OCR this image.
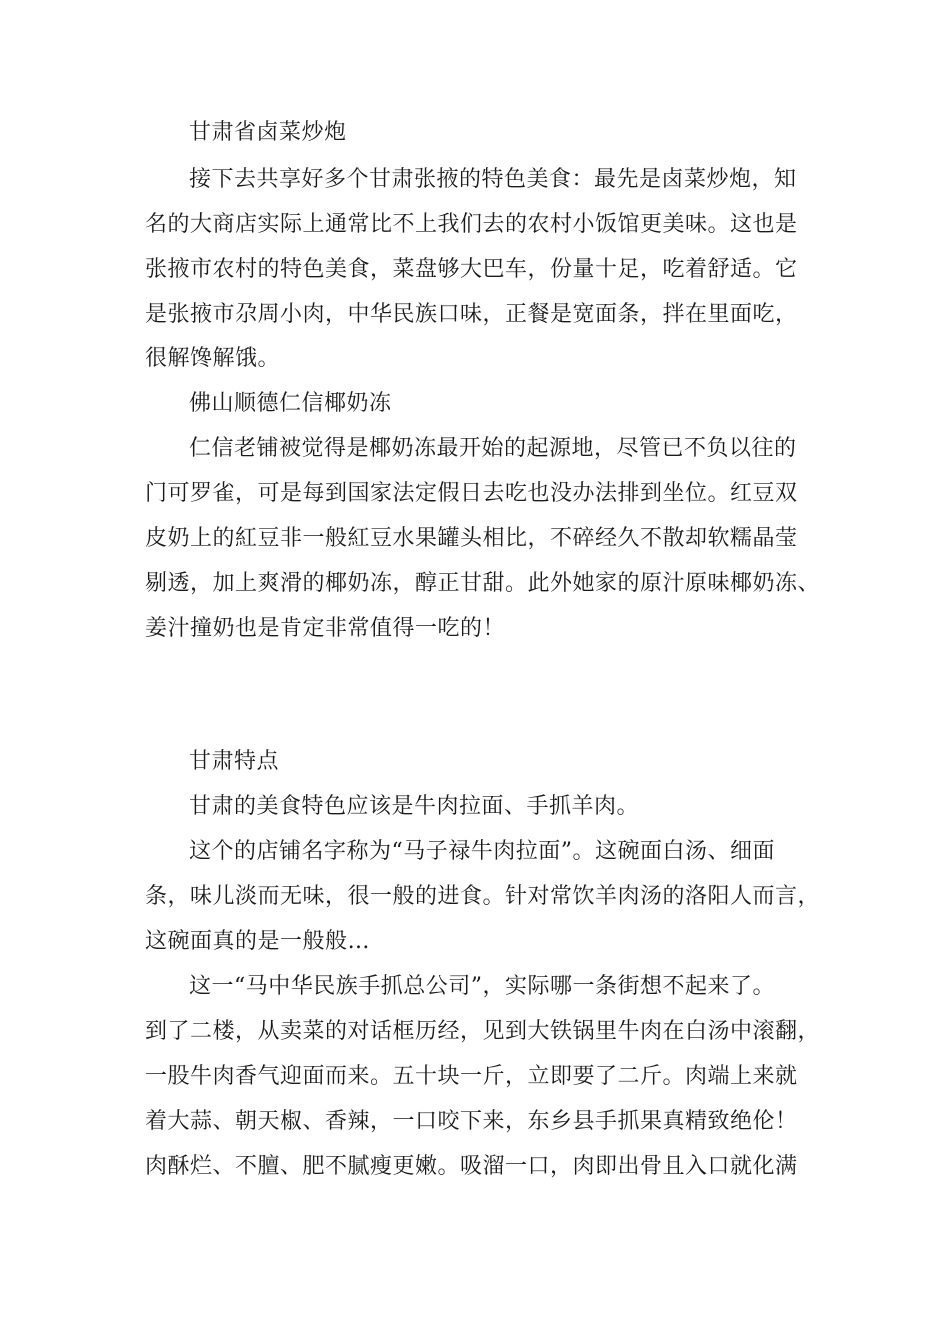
甘肃省卤菜炒炮
接下去共享好多个甘肃张掖的特色美食：最先是卤菜炒炮，知
名的大商店实际上通常比不上我们去的农村小饭馆更美味。这也是
张掖市农村的特色美食，菜盘够大巴车，份量十足，吃着舒适。它
是张掖市尕周小肉，中华民族口味，正餐是宽面条，拌在里面吃，
很解馋解饿。
佛山顺德仁信椰奶冻
仁信老铺被觉得是椰奶冻最开始的起源地，尽管已不负以往的
门可罗雀，可是每到国家法定假日去吃也没办法排到坐位。红豆双
皮奶上的紅豆非一般紅豆水果罐头相比，不碎经久不散却软糯晶莹
剔透，加上爽滑的椰奶冻，醇正甘甜。此外她家的原汁原味椰奶冻、
姜汁撞奶也是肯定非常值得一吃的！
甘肃特点
甘肃的美食特色应该是牛肉拉面、手抓羊肉。
这个的店铺名字称为“马子禄牛肉拉面”。这碗面白汤、细面
条，味儿淡而无味，很一般的进食。针对常饮羊肉汤的洛阳人而言，
这碗面真的是一般般…
这一“马中华民族手抓总公司”，实际哪一条街想不起来了。
到了二楼，从卖菜的对话框历经，见到大铁锅里牛肉在白汤中滚翻，
一股牛肉香气迎面而来。五十块一斤，立即要了二斤。肉端上来就
着大蒜、朝天椒、香辣，一口咬下来，东乡县手抓果真精致绝伦！
肉酥烂、不膻、肥不腻瘦更嫩。吸溜一口，肉即出骨且入口就化满
